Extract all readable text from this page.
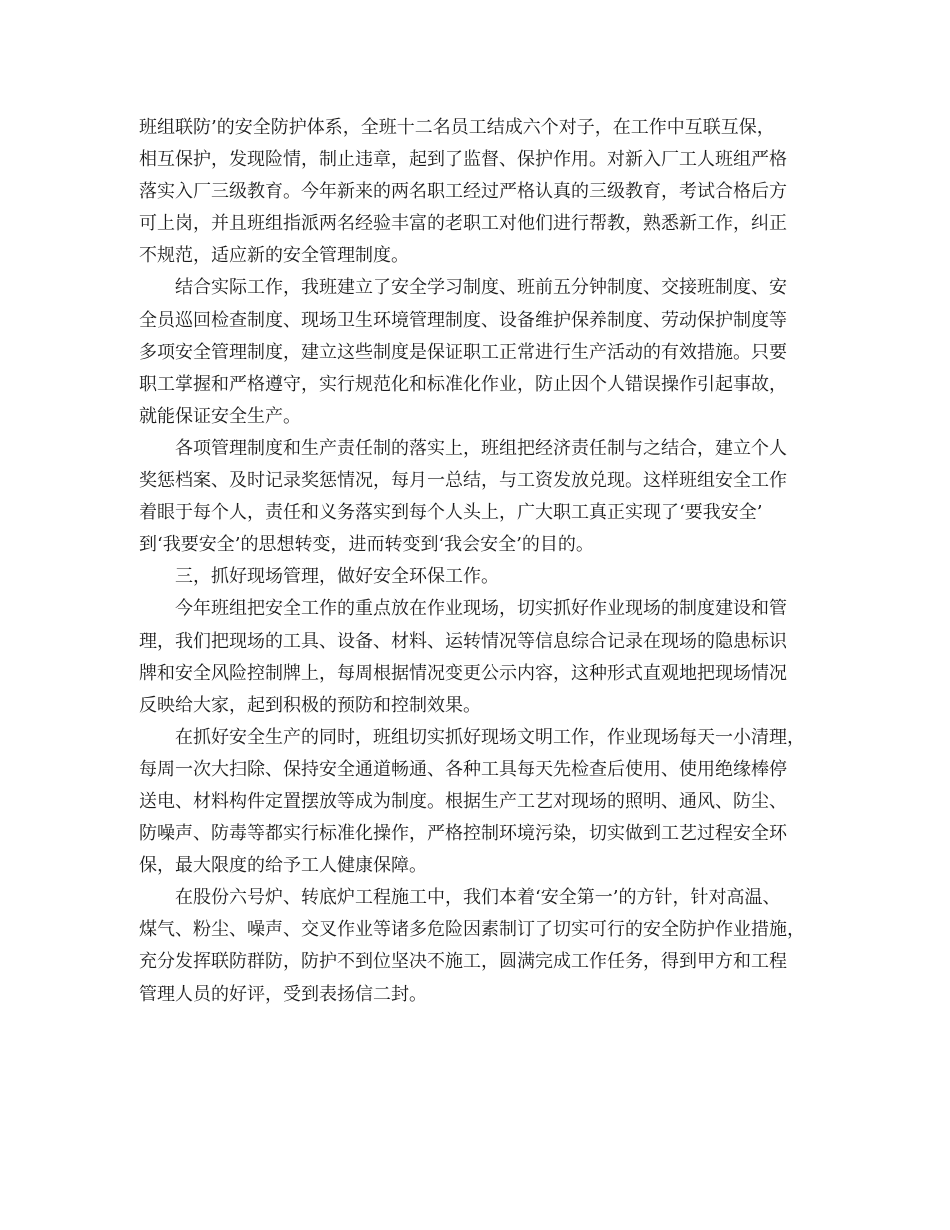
班组联防’的安全防护体系，全班十二名员工结成六个对子，在工作中互联互保，
相互保护，发现险情，制止违章，起到了监督、保护作用。对新入厂工人班组严格
落实入厂三级教育。今年新来的两名职工经过严格认真的三级教育，考试合格后方
可上岗，并且班组指派两名经验丰富的老职工对他们进行帮教，熟悉新工作，纠正
不规范，适应新的安全管理制度。
结合实际工作，我班建立了安全学习制度、班前五分钟制度、交接班制度、安
全员巡回检查制度、现场卫生环境管理制度、设备维护保养制度、劳动保护制度等
多项安全管理制度，建立这些制度是保证职工正常进行生产活动的有效措施。只要
职工掌握和严格遵守，实行规范化和标准化作业，防止因个人错误操作引起事故，
就能保证安全生产。
各项管理制度和生产责任制的落实上，班组把经济责任制与之结合，建立个人
奖惩档案、及时记录奖惩情况，每月一总结，与工资发放兑现。这样班组安全工作
着眼于每个人，责任和义务落实到每个人头上，广大职工真正实现了‘要我安全’
到‘我要安全’的思想转变，进而转变到‘我会安全’的目的。
三，抓好现场管理，做好安全环保工作。
今年班组把安全工作的重点放在作业现场，切实抓好作业现场的制度建设和管
理，我们把现场的工具、设备、材料、运转情况等信息综合记录在现场的隐患标识
牌和安全风险控制牌上，每周根据情况变更公示内容，这种形式直观地把现场情况
反映给大家，起到积极的预防和控制效果。
在抓好安全生产的同时，班组切实抓好现场文明工作，作业现场每天一小清理，
每周一次大扫除、保持安全通道畅通、各种工具每天先检查后使用、使用绝缘棒停
送电、材料构件定置摆放等成为制度。根据生产工艺对现场的照明、通风、防尘、
防噪声、防毒等都实行标准化操作，严格控制环境污染，切实做到工艺过程安全环
保，最大限度的给予工人健康保障。
在股份六号炉、转底炉工程施工中，我们本着‘安全第一’的方针，针对高温、
煤气、粉尘、噪声、交叉作业等诸多危险因素制订了切实可行的安全防护作业措施，
充分发挥联防群防，防护不到位坚决不施工，圆满完成工作任务，得到甲方和工程
管理人员的好评，受到表扬信二封。
